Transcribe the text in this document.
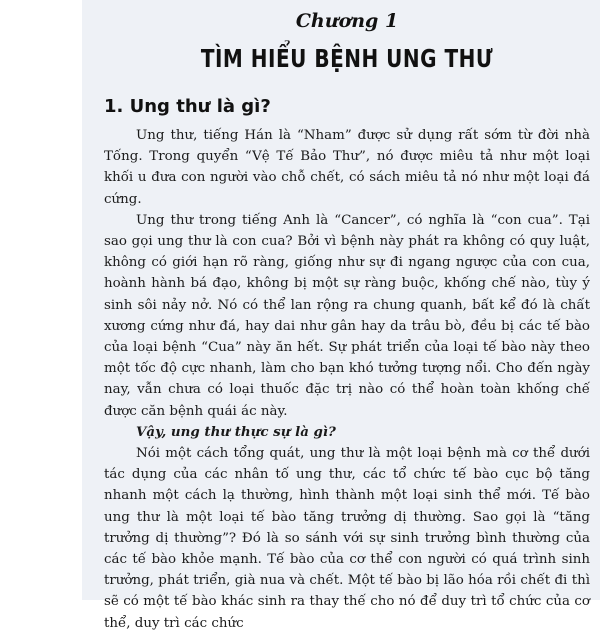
Chương 1
TÌM HIỂU BỆNH UNG THƯ
1. Ung thư là gì?

Ung thư, tiếng Hán là “Nham” được sử dụng rất sớm từ đời nhà Tống. Trong quyển “Vệ Tế Bảo Thư”, nó được miêu tả như một loại khối u đưa con người vào chỗ chết, có sách miêu tả nó như một loại đá cứng.

Ung thư trong tiếng Anh là “Cancer”, có nghĩa là “con cua”. Tại sao gọi ung thư là con cua? Bởi vì bệnh này phát ra không có quy luật, không có giới hạn rõ ràng, giống như sự đi ngang ngược của con cua, hoành hành bá đạo, không bị một sự ràng buộc, khống chế nào, tùy ý sinh sôi nảy nở. Nó có thể lan rộng ra chung quanh, bất kể đó là chất xương cứng như đá, hay dai như gân hay da trâu bò, đều bị các tế bào của loại bệnh “Cua” này ăn hết. Sự phát triển của loại tế bào này theo một tốc độ cực nhanh, làm cho bạn khó tưởng tượng nổi. Cho đến ngày nay, vẫn chưa có loại thuốc đặc trị nào có thể hoàn toàn khống chế được căn bệnh quái ác này.

Vậy, ung thư thực sự là gì?

Nói một cách tổng quát, ung thư là một loại bệnh mà cơ thể dưới tác dụng của các nhân tố ung thư, các tổ chức tế bào cục bộ tăng nhanh một cách lạ thường, hình thành một loại sinh thể mới. Tế bào ung thư là một loại tế bào tăng trưởng dị thường. Sao gọi là “tăng trưởng dị thường”? Đó là so sánh với sự sinh trưởng bình thường của các tế bào khỏe mạnh. Tế bào của cơ thể con người có quá trình sinh trưởng, phát triển, già nua và chết. Một tế bào bị lão hóa rồi chết đi thì sẽ có một tế bào khác sinh ra thay thế cho nó để duy trì tổ chức của cơ thể, duy trì các chức
